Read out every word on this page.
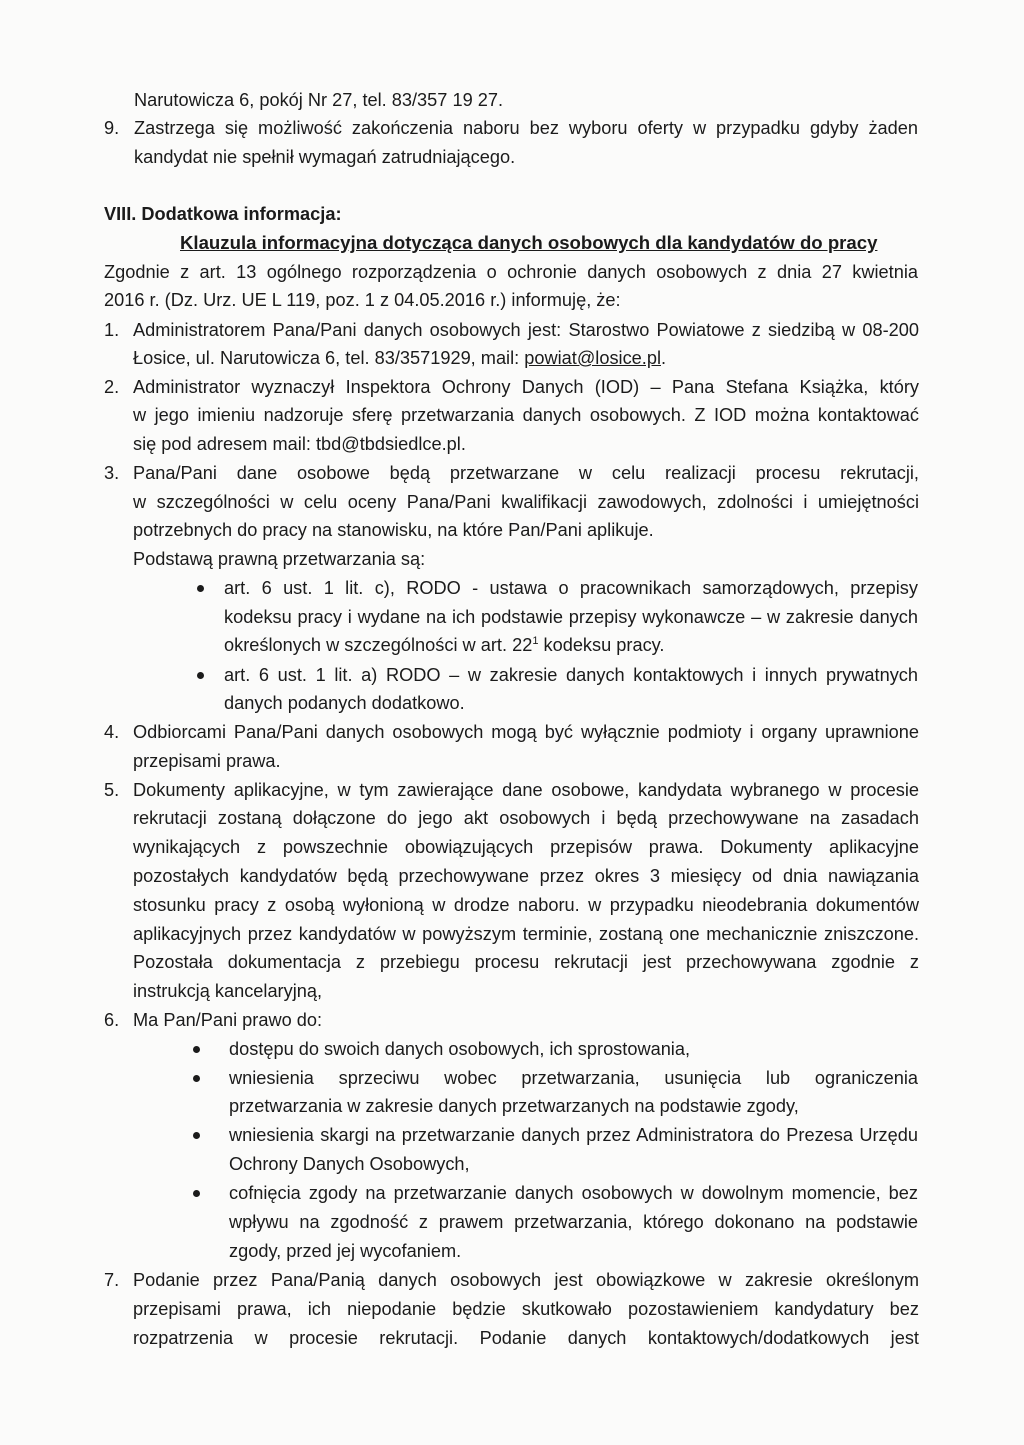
Narutowicza 6, pokój Nr 27, tel. 83/357 19 27.
9. Zastrzega się możliwość zakończenia naboru bez wyboru oferty w przypadku gdyby żaden
kandydat nie spełnił wymagań zatrudniającego.
VIII. Dodatkowa informacja:
Klauzula informacyjna dotycząca danych osobowych dla kandydatów do pracy
Zgodnie z art. 13 ogólnego rozporządzenia o ochronie danych osobowych z dnia 27 kwietnia
2016 r. (Dz. Urz. UE L 119, poz. 1 z 04.05.2016 r.) informuję, że:
1. Administratorem Pana/Pani danych osobowych jest: Starostwo Powiatowe z siedzibą w 08-200
Łosice, ul. Narutowicza 6, tel. 83/3571929, mail: powiat@losice.pl.
2. Administrator wyznaczył Inspektora Ochrony Danych (IOD) – Pana Stefana Książka, który
w jego imieniu nadzoruje sferę przetwarzania danych osobowych. Z IOD można kontaktować
się pod adresem mail: tbd@tbdsiedlce.pl.
3. Pana/Pani dane osobowe będą przetwarzane w celu realizacji procesu rekrutacji,
w szczególności w celu oceny Pana/Pani kwalifikacji zawodowych, zdolności i umiejętności
potrzebnych do pracy na stanowisku, na które Pan/Pani aplikuje.
Podstawą prawną przetwarzania są:
art. 6 ust. 1 lit. c), RODO - ustawa o pracownikach samorządowych, przepisy
kodeksu pracy i wydane na ich podstawie przepisy wykonawcze – w zakresie danych
określonych w szczególności w art. $22^1$ kodeksu pracy.
art. 6 ust. 1 lit. a) RODO – w zakresie danych kontaktowych i innych prywatnych
danych podanych dodatkowo.
4. Odbiorcami Pana/Pani danych osobowych mogą być wyłącznie podmioty i organy uprawnione
przepisami prawa.
5. Dokumenty aplikacyjne, w tym zawierające dane osobowe, kandydata wybranego w procesie
rekrutacji zostaną dołączone do jego akt osobowych i będą przechowywane na zasadach
wynikających z powszechnie obowiązujących przepisów prawa. Dokumenty aplikacyjne
pozostałych kandydatów będą przechowywane przez okres 3 miesięcy od dnia nawiązania
stosunku pracy z osobą wyłonioną w drodze naboru. w przypadku nieodebrania dokumentów
aplikacyjnych przez kandydatów w powyższym terminie, zostaną one mechanicznie zniszczone.
Pozostała dokumentacja z przebiegu procesu rekrutacji jest przechowywana zgodnie z
instrukcją kancelaryjną,
6. Ma Pan/Pani prawo do:
dostępu do swoich danych osobowych, ich sprostowania,
wniesienia sprzeciwu wobec przetwarzania, usunięcia lub ograniczenia
przetwarzania w zakresie danych przetwarzanych na podstawie zgody,
wniesienia skargi na przetwarzanie danych przez Administratora do Prezesa Urzędu
Ochrony Danych Osobowych,
cofnięcia zgody na przetwarzanie danych osobowych w dowolnym momencie, bez
wpływu na zgodność z prawem przetwarzania, którego dokonano na podstawie
zgody, przed jej wycofaniem.
7. Podanie przez Pana/Panią danych osobowych jest obowiązkowe w zakresie określonym
przepisami prawa, ich niepodanie będzie skutkowało pozostawieniem kandydatury bez
rozpatrzenia w procesie rekrutacji. Podanie danych kontaktowych/dodatkowych jest
